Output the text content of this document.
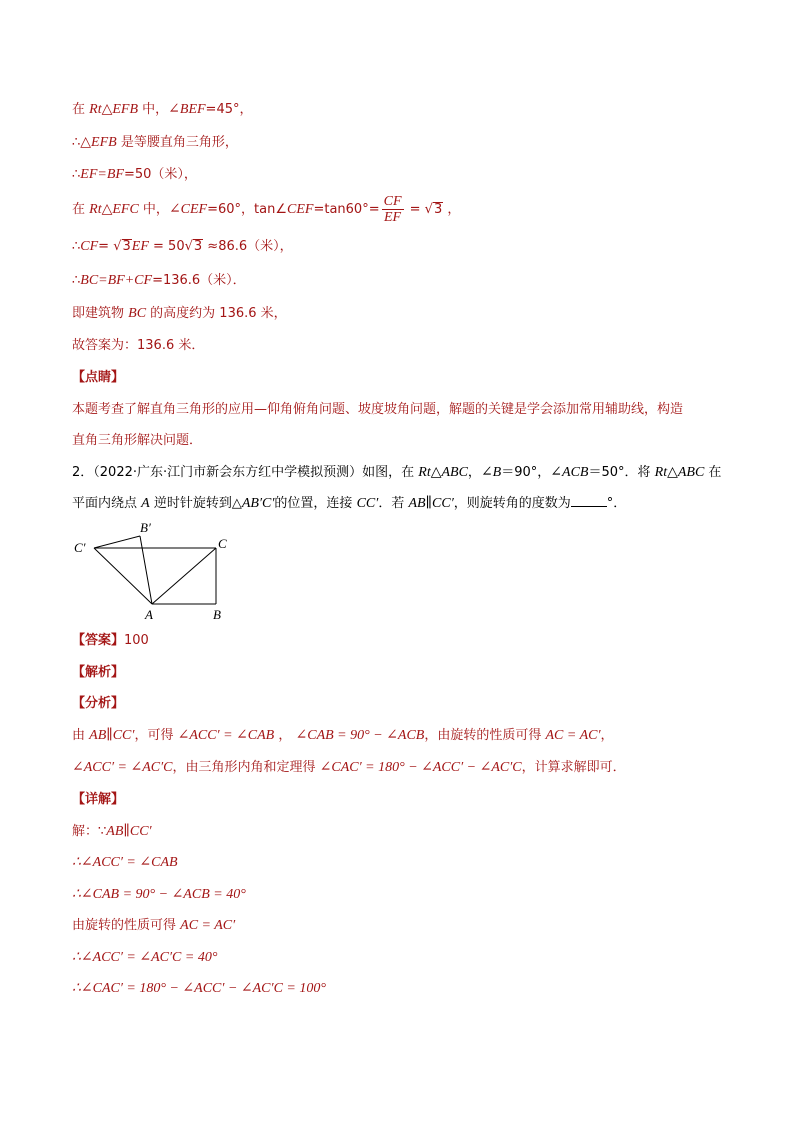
在 Rt△EFB 中，∠BEF=45°，
∴△EFB 是等腰直角三角形，
∴EF=BF=50（米），
在 Rt△EFC 中，∠CEF=60°，tan∠CEF=tan60°= $\frac{CF}{EF} = √3$ ，
∴CF= √3EF = 50√3 ≈86.6（米），
∴BC=BF+CF=136.6（米）．
即建筑物 BC 的高度约为 136.6 米，
故答案为：136.6 米．
【点睛】
本题考查了解直角三角形的应用—仰角俯角问题、坡度坡角问题，解题的关键是学会添加常用辅助线，构造
直角三角形解决问题．
2．（2022·广东·江门市新会东方红中学模拟预测）如图，在 Rt△ABC，∠B＝90°，∠ACB＝50°．将 Rt△ABC 在
平面内绕点 A 逆时针旋转到△AB′C′的位置，连接 CC′．若 AB∥CC′，则旋转角的度数为	°．
C′
B′
C
A	B
【答案】100
【解析】
【分析】
由 AB∥CC′，可得 ∠ACC′ = ∠CAB ， ∠CAB = 90° − ∠ACB，由旋转的性质可得 AC = AC′，
∠ACC′ = ∠AC′C，由三角形内角和定理得 ∠CAC′ = 180° − ∠ACC′ − ∠AC′C，计算求解即可．
【详解】
解：∵AB∥CC′
∴∠ACC′ = ∠CAB
∴∠CAB = 90° − ∠ACB = 40°
由旋转的性质可得 AC = AC′
∴∠ACC′ = ∠AC′C = 40°
∴∠CAC′ = 180° − ∠ACC′ − ∠AC′C = 100°
